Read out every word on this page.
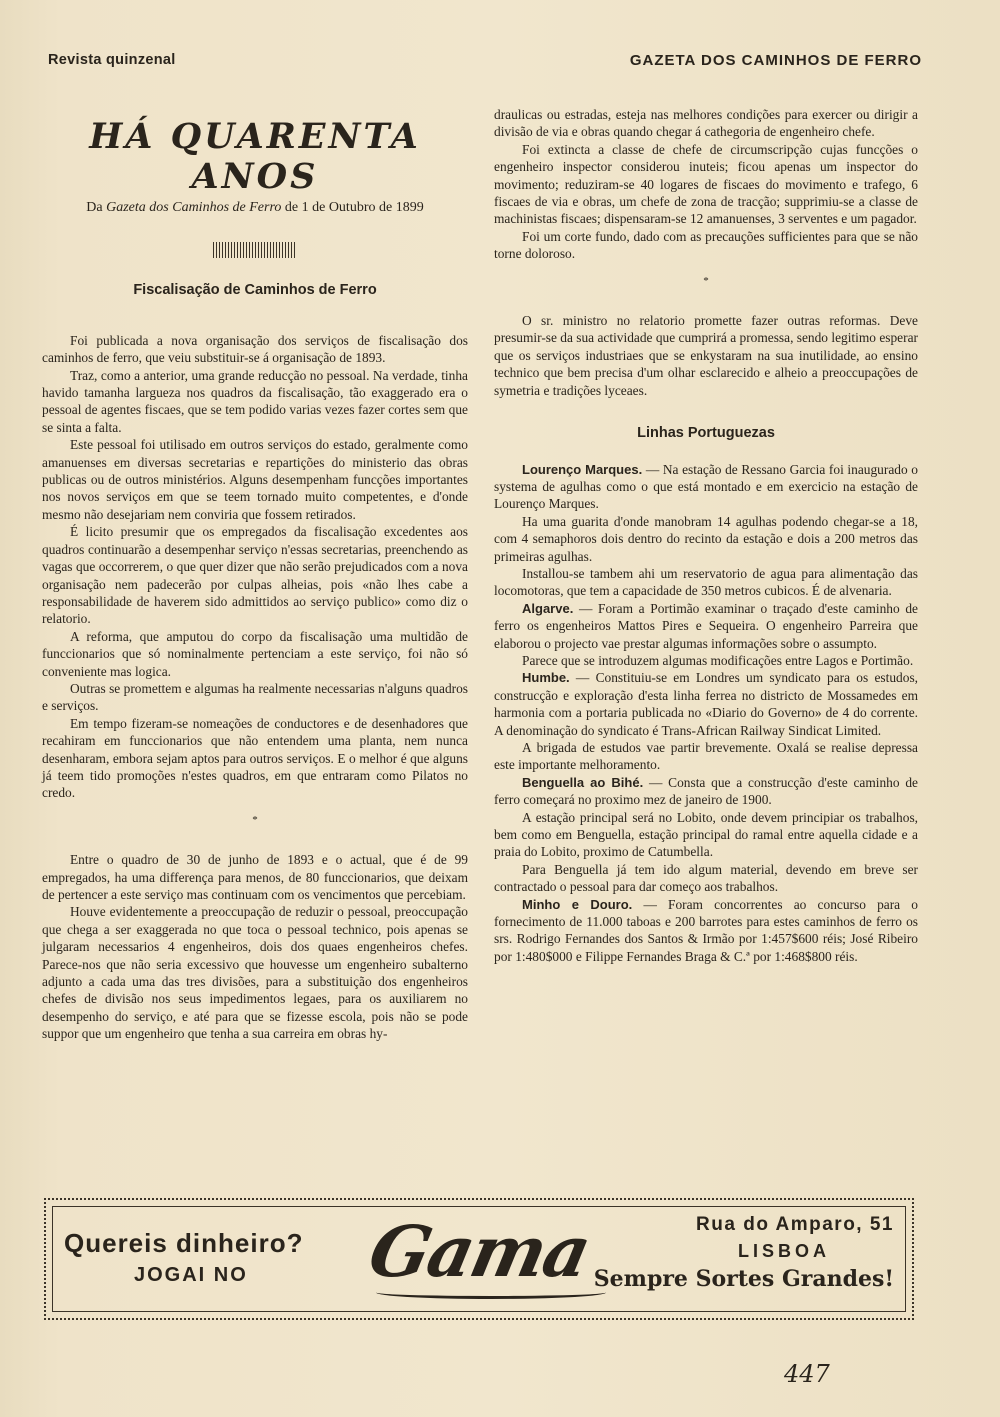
Revista quinzenal	GAZETA DOS CAMINHOS DE FERRO
HÁ QUARENTA ANOS
Da Gazeta dos Caminhos de Ferro de 1 de Outubro de 1899
Fiscalisação de Caminhos de Ferro

Foi publicada a nova organisação dos serviços de fiscalisação dos caminhos de ferro, que veiu substituir-se á organisação de 1893.

Traz, como a anterior, uma grande reducção no pessoal. Na verdade, tinha havido tamanha largueza nos quadros da fiscalisação, tão exaggerado era o pessoal de agentes fiscaes, que se tem podido varias vezes fazer cortes sem que se sinta a falta.

Este pessoal foi utilisado em outros serviços do estado, geralmente como amanuenses em diversas secretarias e repartições do ministerio das obras publicas ou de outros ministérios. Alguns desempenham funcções importantes nos novos serviços em que se teem tornado muito competentes, e d'onde mesmo não desejariam nem conviria que fossem retirados.

É licito presumir que os empregados da fiscalisação excedentes aos quadros continuarão a desempenhar serviço n'essas secretarias, preenchendo as vagas que occorrerem, o que quer dizer que não serão prejudicados com a nova organisação nem padecerão por culpas alheias, pois «não lhes cabe a responsabilidade de haverem sido admittidos ao serviço publico» como diz o relatorio.

A reforma, que amputou do corpo da fiscalisação uma multidão de funccionarios que só nominalmente pertenciam a este serviço, foi não só conveniente mas logica.

Outras se promettem e algumas ha realmente necessarias n'alguns quadros e serviços.

Em tempo fizeram-se nomeações de conductores e de desenhadores que recahiram em funccionarios que não entendem uma planta, nem nunca desenharam, embora sejam aptos para outros serviços. E o melhor é que alguns já teem tido promoções n'estes quadros, em que entraram como Pilatos no credo.

*

Entre o quadro de 30 de junho de 1893 e o actual, que é de 99 empregados, ha uma differença para menos, de 80 funccionarios, que deixam de pertencer a este serviço mas continuam com os vencimentos que percebiam.

Houve evidentemente a preoccupação de reduzir o pessoal, preoccupação que chega a ser exaggerada no que toca o pessoal technico, pois apenas se julgaram necessarios 4 engenheiros, dois dos quaes engenheiros chefes. Parece-nos que não seria excessivo que houvesse um engenheiro subalterno adjunto a cada uma das tres divisões, para a substituição dos engenheiros chefes de divisão nos seus impedimentos legaes, para os auxiliarem no desempenho do serviço, e até para que se fizesse escola, pois não se pode suppor que um engenheiro que tenha a sua carreira em obras hy-

draulicas ou estradas, esteja nas melhores condições para exercer ou dirigir a divisão de via e obras quando chegar á cathegoria de engenheiro chefe.

Foi extincta a classe de chefe de circumscripção cujas funcções o engenheiro inspector considerou inuteis; ficou apenas um inspector do movimento; reduziram-se 40 logares de fiscaes do movimento e trafego, 6 fiscaes de via e obras, um chefe de zona de tracção; supprimiu-se a classe de machinistas fiscaes; dispensaram-se 12 amanuenses, 3 serventes e um pagador.

Foi um corte fundo, dado com as precauções sufficientes para que se não torne doloroso.

*

O sr. ministro no relatorio promette fazer outras reformas. Deve presumir-se da sua actividade que cumprirá a promessa, sendo legitimo esperar que os serviços industriaes que se enkystaram na sua inutilidade, ao ensino technico que bem precisa d'um olhar esclarecido e alheio a preoccupações de symetria e tradições lyceaes.

Linhas Portuguezas

Lourenço Marques. — Na estação de Ressano Garcia foi inaugurado o systema de agulhas como o que está montado e em exercicio na estação de Lourenço Marques.

Ha uma guarita d'onde manobram 14 agulhas podendo chegar-se a 18, com 4 semaphoros dois dentro do recinto da estação e dois a 200 metros das primeiras agulhas.

Installou-se tambem ahi um reservatorio de agua para alimentação das locomotoras, que tem a capacidade de 350 metros cubicos. É de alvenaria.

Algarve. — Foram a Portimão examinar o traçado d'este caminho de ferro os engenheiros Mattos Pires e Sequeira. O engenheiro Parreira que elaborou o projecto vae prestar algumas informações sobre o assumpto.

Parece que se introduzem algumas modificações entre Lagos e Portimão.

Humbe. — Constituiu-se em Londres um syndicato para os estudos, construcção e exploração d'esta linha ferrea no districto de Mossamedes em harmonia com a portaria publicada no «Diario do Governo» de 4 do corrente. A denominação do syndicato é Trans-African Railway Sindicat Limited.

A brigada de estudos vae partir brevemente. Oxalá se realise depressa este importante melhoramento.

Benguella ao Bihé. — Consta que a construcção d'este caminho de ferro começará no proximo mez de janeiro de 1900.

A estação principal será no Lobito, onde devem principiar os trabalhos, bem como em Benguella, estação principal do ramal entre aquella cidade e a praia do Lobito, proximo de Catumbella.

Para Benguella já tem ido algum material, devendo em breve ser contractado o pessoal para dar começo aos trabalhos.

Minho e Douro. — Foram concorrentes ao concurso para o fornecimento de 11.000 taboas e 200 barrotes para estes caminhos de ferro os srs. Rodrigo Fernandes dos Santos & Irmão por 1:457$600 réis; José Ribeiro por 1:480$000 e Filippe Fernandes Braga & C.ª por 1:468$800 réis.

Quereis dinheiro?
JOGAI NO Gama	Rua do Amparo, 51
LISBOA
Sempre Sortes Grandes!
447
